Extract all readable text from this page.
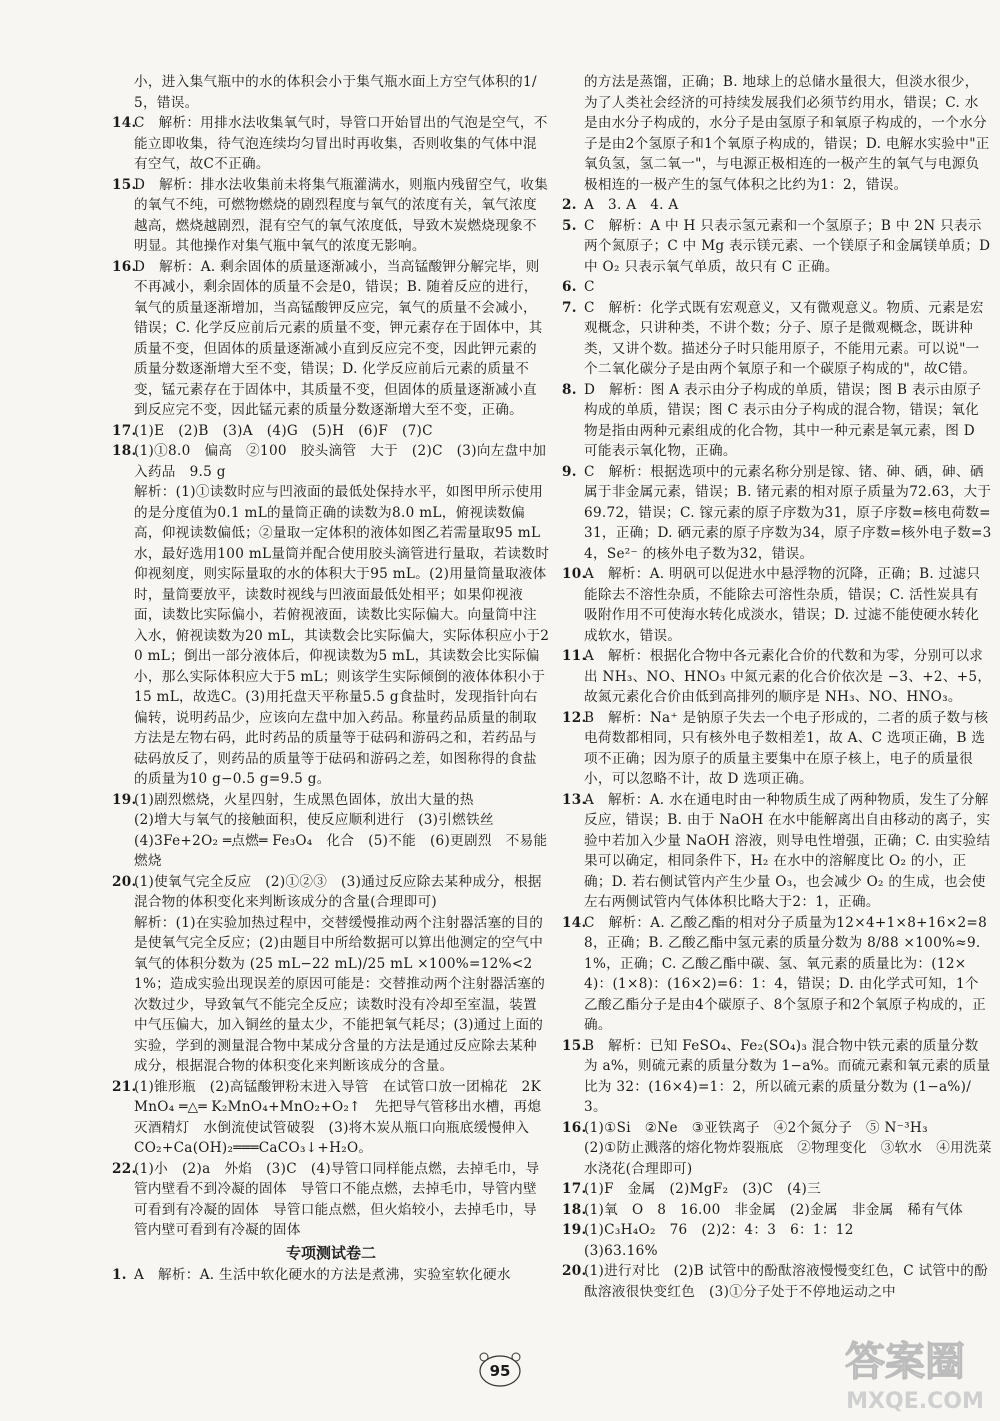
小，进入集气瓶中的水的体积会小于集气瓶水面上方空气体积的1/5，错误。
14.
C　解析：用排水法收集氧气时，导管口开始冒出的气泡是空气，不能立即收集，待气泡连续均匀冒出时再收集，否则收集的气体中混有空气，故C不正确。
15.
D　解析：排水法收集前未将集气瓶灌满水，则瓶内残留空气，收集的氧气不纯，可燃物燃烧的剧烈程度与氧气的浓度有关，氧气浓度越高，燃烧越剧烈，混有空气的氧气浓度低，导致木炭燃烧现象不明显。其他操作对集气瓶中氧气的浓度无影响。
16.
D　解析：A. 剩余固体的质量逐渐减小，当高锰酸钾分解完毕，则不再减小，剩余固体的质量不会是0，错误；B. 随着反应的进行，氧气的质量逐渐增加，当高锰酸钾反应完，氧气的质量不会减小，错误；C. 化学反应前后元素的质量不变，钾元素存在于固体中，其质量不变，但固体的质量逐渐减小直到反应完不变，因此钾元素的质量分数逐渐增大至不变，错误；D. 化学反应前后元素的质量不变，锰元素存在于固体中，其质量不变，但固体的质量逐渐减小直到反应完不变，因此锰元素的质量分数逐渐增大至不变，正确。
17.
(1)E　(2)B　(3)A　(4)G　(5)H　(6)F　(7)C
18.
(1)①8.0　偏高　②100　胶头滴管　大于　(2)C　(3)向左盘中加入药品　9.5 g
解析：(1)①读数时应与凹液面的最低处保持水平，如图甲所示使用的是分度值为0.1 mL的量筒正确的读数为8.0 mL，俯视读数偏高，仰视读数偏低；②量取一定体积的液体如图乙若需量取95 mL水，最好选用100 mL量筒并配合使用胶头滴管进行量取，若读数时仰视刻度，则实际量取的水的体积大于95 mL。(2)用量筒量取液体时，量筒要放平，读数时视线与凹液面最低处相平；如果仰视液面，读数比实际偏小，若俯视液面，读数比实际偏大。向量筒中注入水，俯视读数为20 mL，其读数会比实际偏大，实际体积应小于20 mL；倒出一部分液体后，仰视读数为5 mL，其读数会比实际偏小，那么实际体积应大于5 mL；则该学生实际倾倒的液体体积小于15 mL，故选C。(3)用托盘天平称量5.5 g食盐时，发现指针向右偏转，说明药品少，应该向左盘中加入药品。称量药品质量的制取方法是左物右码，此时药品的质量等于砝码和游码之和，若药品与砝码放反了，则药品的质量等于砝码和游码之差，如图称得的食盐的质量为10 g−0.5 g=9.5 g。
19.
(1)剧烈燃烧，火星四射，生成黑色固体，放出大量的热
(2)增大与氧气的接触面积，使反应顺利进行　(3)引燃铁丝
(4)3Fe+2O₂ ═点燃═ Fe₃O₄　化合　(5)不能　(6)更剧烈　不易能燃烧
20.
(1)使氧气完全反应　(2)①②③　(3)通过反应除去某种成分，根据混合物的体积变化来判断该成分的含量(合理即可)
解析：(1)在实验加热过程中，交替缓慢推动两个注射器活塞的目的是使氧气完全反应；(2)由题目中所给数据可以算出他测定的空气中氧气的体积分数为 (25 mL−22 mL)/25 mL ×100%=12%<21%；造成实验出现误差的原因可能是：交替推动两个注射器活塞的次数过少，导致氧气不能完全反应；读数时没有冷却至室温，装置中气压偏大，加入铜丝的量太少，不能把氧气耗尽；(3)通过上面的实验，学到的测量混合物中某成分含量的方法是通过反应除去某种成分，根据混合物的体积变化来判断该成分的含量。
21.
(1)锥形瓶　(2)高锰酸钾粉末进入导管　在试管口放一团棉花　2KMnO₄ ═△═ K₂MnO₄+MnO₂+O₂↑　先把导气管移出水槽，再熄灭酒精灯　水倒流使试管破裂　(3)将木炭从瓶口向瓶底缓慢伸入
CO₂+Ca(OH)₂═══CaCO₃↓+H₂O。
22.
(1)小　(2)a　外焰　(3)C　(4)导管口同样能点燃，去掉毛巾，导管内壁看不到冷凝的固体　导管口不能点燃，去掉毛巾，导管内壁可看到有冷凝的固体　导管口能点燃，但火焰较小，去掉毛巾，导管内壁可看到有冷凝的固体
专项测试卷二
1. A　解析：A. 生活中软化硬水的方法是煮沸，实验室软化硬水
的方法是蒸馏，正确；B. 地球上的总储水量很大，但淡水很少，为了人类社会经济的可持续发展我们必须节约用水，错误；C. 水是由水分子构成的，水分子是由氢原子和氧原子构成的，一个水分子是由2个氢原子和1个氧原子构成的，错误；D. 电解水实验中"正氧负氢，氢二氧一"，与电源正极相连的一极产生的氧气与电源负极相连的一极产生的氢气体积之比约为1：2，错误。
2. A　3. A　4. A
5. C　解析：A 中 H 只表示氢元素和一个氢原子；B 中 2N 只表示两个氮原子；C 中 Mg 表示镁元素、一个镁原子和金属镁单质；D 中 O₂ 只表示氧气单质，故只有 C 正确。
6. C
7. C　解析：化学式既有宏观意义，又有微观意义。物质、元素是宏观概念，只讲种类，不讲个数；分子、原子是微观概念，既讲种类，又讲个数。描述分子时只能用原子，不能用元素。可以说"一个二氧化碳分子是由两个氧原子和一个碳原子构成的"，故C错。
8. D　解析：图 A 表示由分子构成的单质，错误；图 B 表示由原子构成的单质，错误；图 C 表示由分子构成的混合物，错误；氧化物是指由两种元素组成的化合物，其中一种元素是氧元素，图 D 可能表示氧化物，正确。
9. C　解析：根据选项中的元素名称分别是镓、锗、砷、硒，砷、硒属于非金属元素，错误；B. 锗元素的相对原子质量为72.63，大于69.72，错误；C. 镓元素的原子序数为31，原子序数=核电荷数=31，正确；D. 硒元素的原子序数为34，原子序数=核外电子数=34，Se²⁻ 的核外电子数为32，错误。
10.
A　解析：A. 明矾可以促进水中悬浮物的沉降，正确；B. 过滤只能除去不溶性杂质，不能除去可溶性杂质，错误；C. 活性炭具有吸附作用不可使海水转化成淡水，错误；D. 过滤不能使硬水转化成软水，错误。
11.
A　解析：根据化合物中各元素化合价的代数和为零，分别可以求出 NH₃、NO、HNO₃ 中氮元素的化合价依次是 −3、+2、+5，故氮元素化合价由低到高排列的顺序是 NH₃、NO、HNO₃。
12.
B　解析：Na⁺ 是钠原子失去一个电子形成的，二者的质子数与核电荷数都相同，只有核外电子数相差1，故 A、C 选项正确，B 选项不正确；因为原子的质量主要集中在原子核上，电子的质量很小，可以忽略不计，故 D 选项正确。
13.
A　解析：A. 水在通电时由一种物质生成了两种物质，发生了分解反应，错误；B. 由于 NaOH 在水中能解离出自由移动的离子，实验中若加入少量 NaOH 溶液，则导电性增强，正确；C. 由实验结果可以确定，相同条件下，H₂ 在水中的溶解度比 O₂ 的小，正确；D. 若右侧试管内产生少量 O₃，也会减少 O₂ 的生成，也会使左右两侧试管内气体体积比略大于2：1，正确。
14.
C　解析：A. 乙酸乙酯的相对分子质量为12×4+1×8+16×2=88，正确；B. 乙酸乙酯中氢元素的质量分数为 8/88 ×100%≈9.1%，正确；C. 乙酸乙酯中碳、氢、氧元素的质量比为：(12×4)：(1×8)：(16×2)=6：1：4，错误；D. 由化学式可知，1个乙酸乙酯分子是由4个碳原子、8个氢原子和2个氧原子构成的，正确。
15.
B　解析：已知 FeSO₄、Fe₂(SO₄)₃ 混合物中铁元素的质量分数为 a%，则硫元素的质量分数为 1−a%。而硫元素和氧元素的质量比为 32：(16×4)=1：2，所以硫元素的质量分数为 (1−a%)/3。
16.
(1)①Si　②Ne　③亚铁离子　④2个氮分子　⑤ N⁻³H₃
(2)①防止溅落的熔化物炸裂瓶底　②物理变化　③软水　④用洗菜水浇花(合理即可)
17.
(1)F　金属　(2)MgF₂　(3)C　(4)三
18.
(1)氧　O　8　16.00　非金属　(2)金属　非金属　稀有气体
19.
(1)C₃H₄O₂　76　(2)2：4：3　6：1：12
(3)63.16%
20.
(1)进行对比　(2)B 试管中的酚酞溶液慢慢变红色，C 试管中的酚酞溶液很快变红色　(3)①分子处于不停地运动之中
95	答案圈
MXQE.COM
